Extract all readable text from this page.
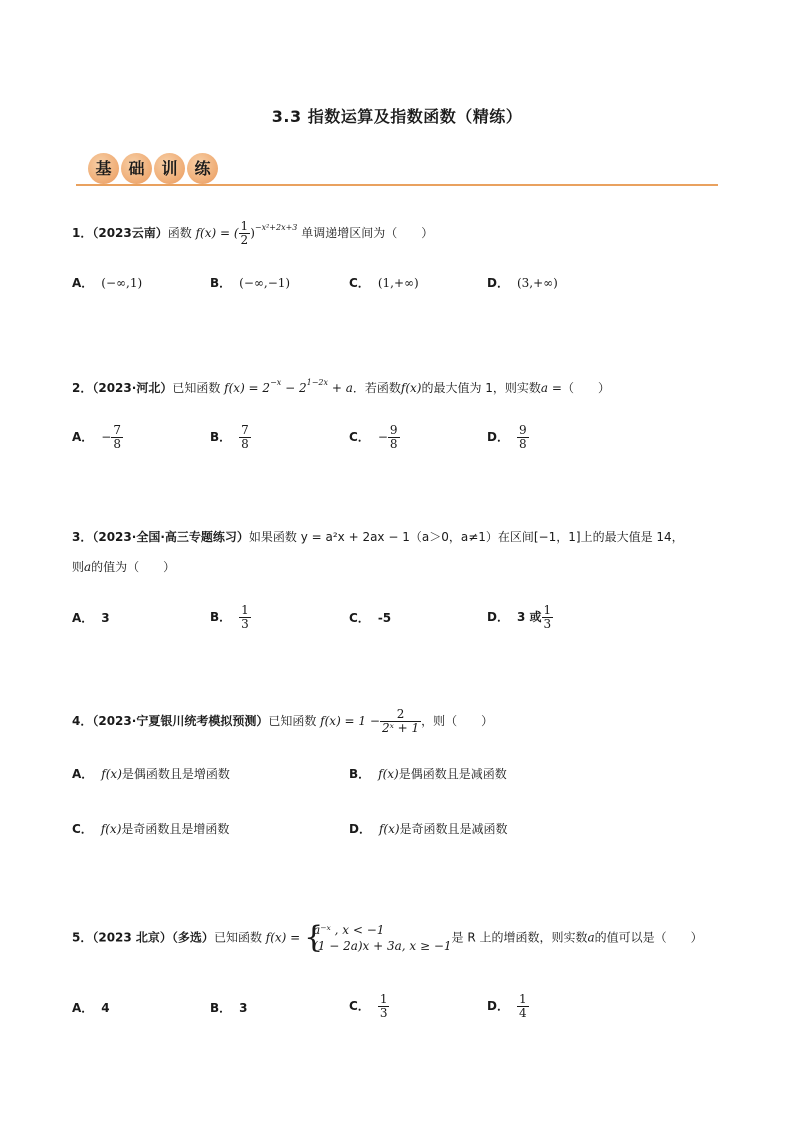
3.3 指数运算及指数函数（精练）
基	础	训	练
1．（2023云南）函数 f(x) = ( $\frac{1}{2} )^{-x^2+2x+3}$ 单调递增区间为（　　）
A． (−∞,1)	B． (−∞,−1)	C． (1,+∞)	D． (3,+∞)
2．（2023·河北）已知函数 $f(x) = 2^{-x} - 2^{1-2x} + a$．若函数f(x)的最大值为 1，则实数a =（　　）
A． − $\frac{7}{8}$	B． $\frac{7}{8}$	C． − $\frac{9}{8}$	D． $\frac{9}{8}$
3．（2023·全国·高三专题练习）如果函数 y = a²x + 2ax − 1（a＞0，a≠1）在区间[−1，1]上的最大值是 14，
则a的值为（　　）
A． 3	B． $\frac{1}{3}$	C． -5	D． 3 或 $\frac{1}{3}$
4．（2023·宁夏银川统考模拟预测）已知函数 $f(x) = 1 - \frac{2}{\text{2ˣ + 1}}$ ，则（　　）
A． f(x)是偶函数且是增函数	B． f(x)是偶函数且是减函数
C． f(x)是奇函数且是增函数	D． f(x)是奇函数且是减函数
5．（2023 北京）（多选）已知函数 f(x) = {
a⁻ˣ , x < −1
(1 − 2a)x + 3a, x ≥ −1
是 R 上的增函数，则实数a的值可以是（　　）
A． 4	B． 3	C． $\frac{1}{3}$	D． $\frac{1}{4}$
